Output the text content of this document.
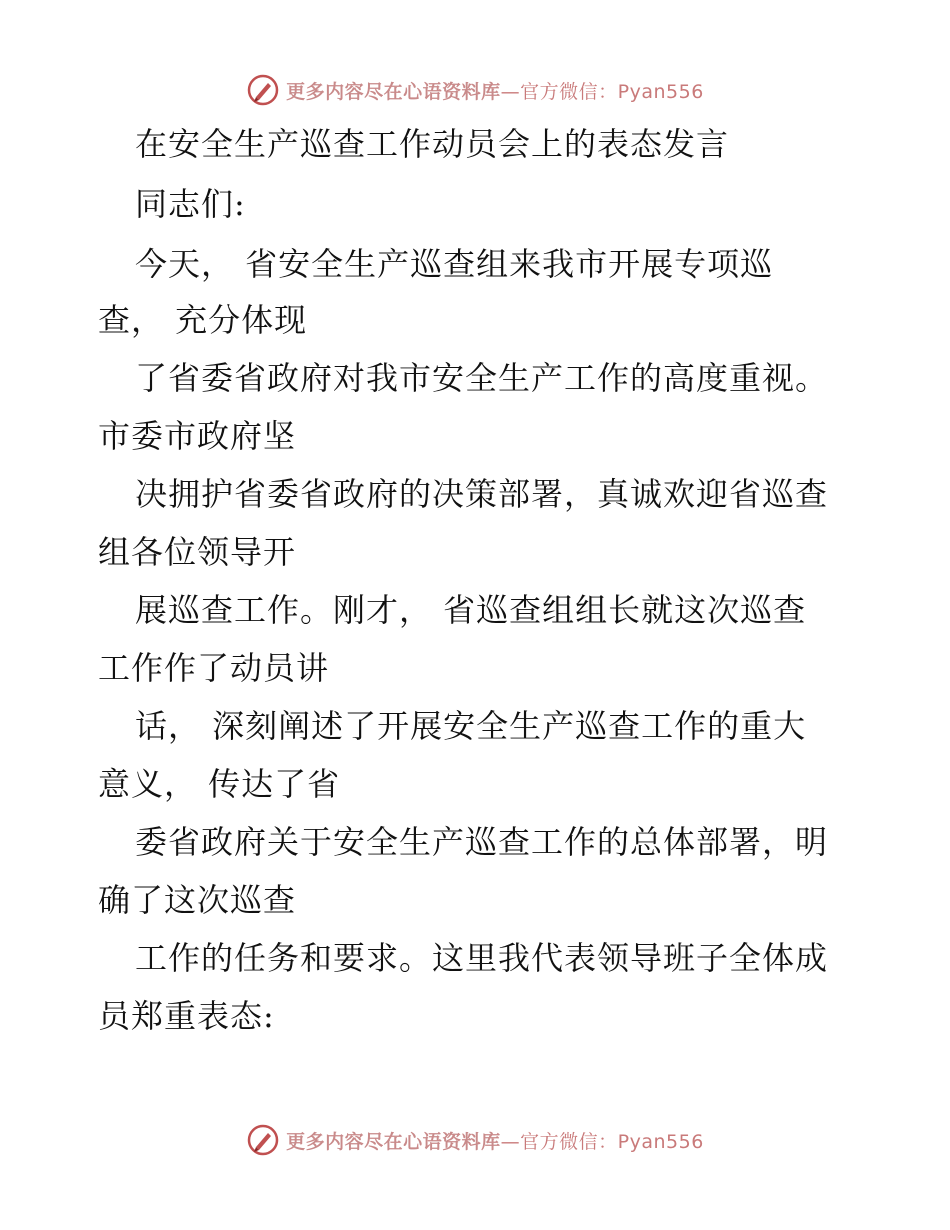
更多内容尽在心语资料库—官方微信：Pyan556
在安全生产巡查工作动员会上的表态发言
同志们:
今天， 省安全生产巡查组来我市开展专项巡
查， 充分体现
了省委省政府对我市安全生产工作的高度重视。
市委市政府坚
决拥护省委省政府的决策部署，真诚欢迎省巡查
组各位领导开
展巡查工作。刚才， 省巡查组组长就这次巡查
工作作了动员讲
话， 深刻阐述了开展安全生产巡查工作的重大
意义， 传达了省
委省政府关于安全生产巡查工作的总体部署，明
确了这次巡查
工作的任务和要求。这里我代表领导班子全体成
员郑重表态:
更多内容尽在心语资料库—官方微信：Pyan556
